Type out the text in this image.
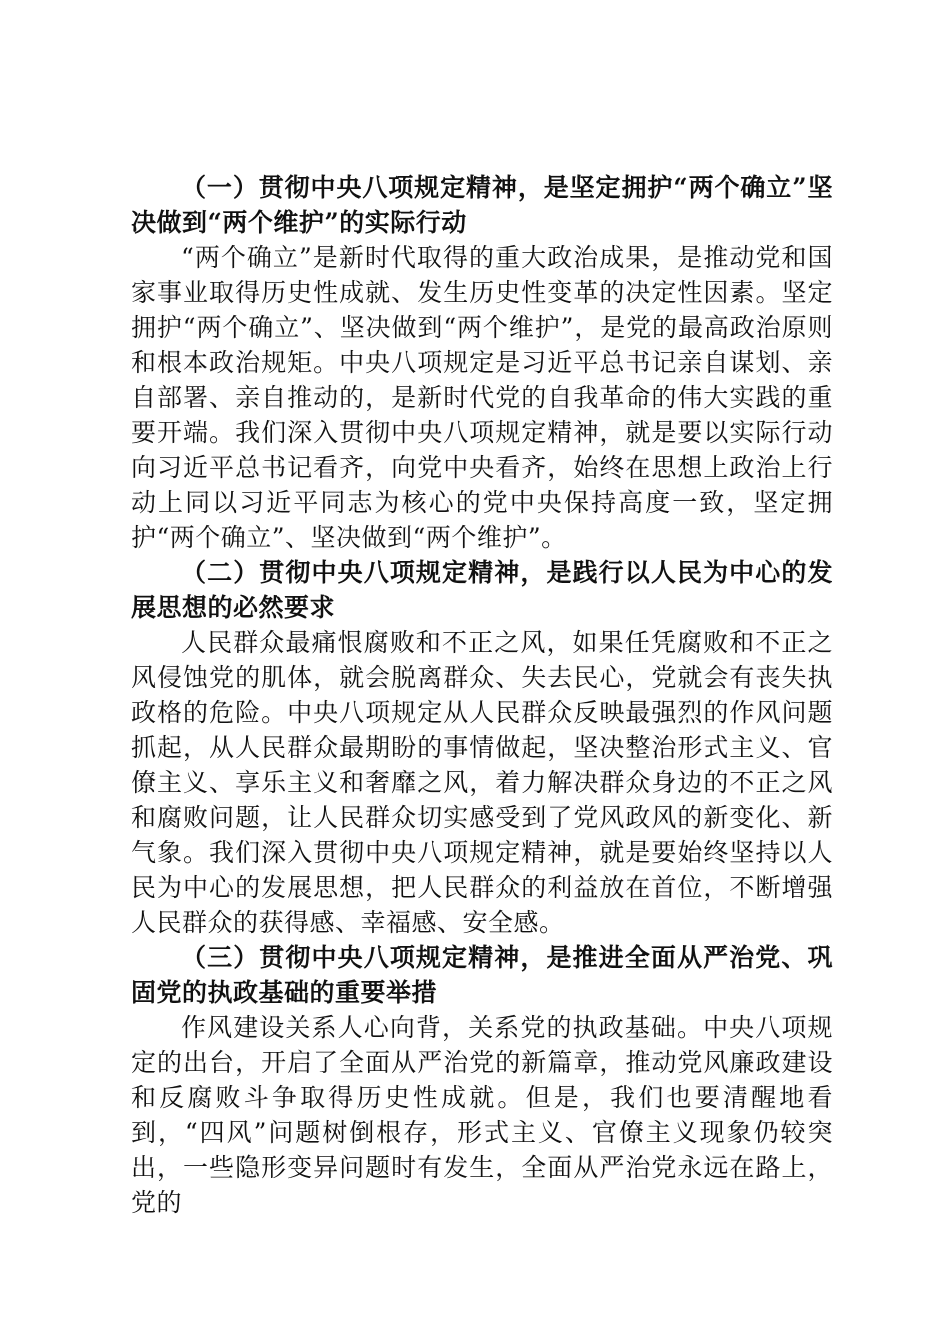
（一）贯彻中央八项规定精神，是坚定拥护“两个确立”坚决做到“两个维护”的实际行动

“两个确立”是新时代取得的重大政治成果，是推动党和国家事业取得历史性成就、发生历史性变革的决定性因素。坚定拥护“两个确立”、坚决做到“两个维护”，是党的最高政治原则和根本政治规矩。中央八项规定是习近平总书记亲自谋划、亲自部署、亲自推动的，是新时代党的自我革命的伟大实践的重要开端。我们深入贯彻中央八项规定精神，就是要以实际行动向习近平总书记看齐，向党中央看齐，始终在思想上政治上行动上同以习近平同志为核心的党中央保持高度一致，坚定拥护“两个确立”、坚决做到“两个维护”。

（二）贯彻中央八项规定精神，是践行以人民为中心的发展思想的必然要求

人民群众最痛恨腐败和不正之风，如果任凭腐败和不正之风侵蚀党的肌体，就会脱离群众、失去民心，党就会有丧失执政格的危险。中央八项规定从人民群众反映最强烈的作风问题抓起，从人民群众最期盼的事情做起，坚决整治形式主义、官僚主义、享乐主义和奢靡之风，着力解决群众身边的不正之风和腐败问题，让人民群众切实感受到了党风政风的新变化、新气象。我们深入贯彻中央八项规定精神，就是要始终坚持以人民为中心的发展思想，把人民群众的利益放在首位，不断增强人民群众的获得感、幸福感、安全感。

（三）贯彻中央八项规定精神，是推进全面从严治党、巩固党的执政基础的重要举措

作风建设关系人心向背，关系党的执政基础。中央八项规定的出台，开启了全面从严治党的新篇章，推动党风廉政建设和反腐败斗争取得历史性成就。但是，我们也要清醒地看到，“四风”问题树倒根存，形式主义、官僚主义现象仍较突出，一些隐形变异问题时有发生，全面从严治党永远在路上，党的
